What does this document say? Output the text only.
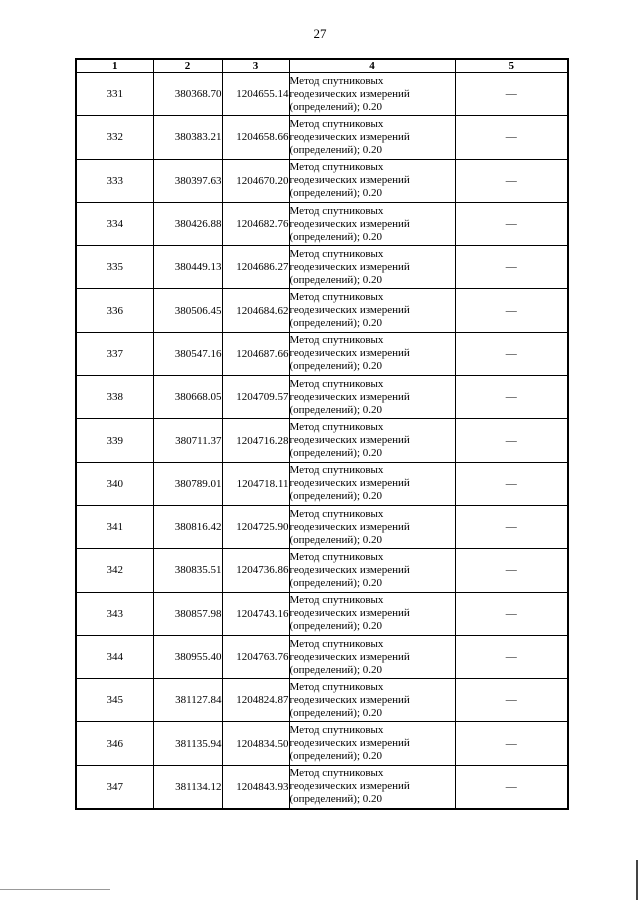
27
1	2	3	4	5
331	380368.70	1204655.14	Метод спутниковых
геодезических измерений
(определений); 0.20	—
332	380383.21	1204658.66	Метод спутниковых
геодезических измерений
(определений); 0.20	—
333	380397.63	1204670.20	Метод спутниковых
геодезических измерений
(определений); 0.20	—
334	380426.88	1204682.76	Метод спутниковых
геодезических измерений
(определений); 0.20	—
335	380449.13	1204686.27	Метод спутниковых
геодезических измерений
(определений); 0.20	—
336	380506.45	1204684.62	Метод спутниковых
геодезических измерений
(определений); 0.20	—
337	380547.16	1204687.66	Метод спутниковых
геодезических измерений
(определений); 0.20	—
338	380668.05	1204709.57	Метод спутниковых
геодезических измерений
(определений); 0.20	—
339	380711.37	1204716.28	Метод спутниковых
геодезических измерений
(определений); 0.20	—
340	380789.01	1204718.11	Метод спутниковых
геодезических измерений
(определений); 0.20	—
341	380816.42	1204725.90	Метод спутниковых
геодезических измерений
(определений); 0.20	—
342	380835.51	1204736.86	Метод спутниковых
геодезических измерений
(определений); 0.20	—
343	380857.98	1204743.16	Метод спутниковых
геодезических измерений
(определений); 0.20	—
344	380955.40	1204763.76	Метод спутниковых
геодезических измерений
(определений); 0.20	—
345	381127.84	1204824.87	Метод спутниковых
геодезических измерений
(определений); 0.20	—
346	381135.94	1204834.50	Метод спутниковых
геодезических измерений
(определений); 0.20	—
347	381134.12	1204843.93	Метод спутниковых
геодезических измерений
(определений); 0.20	—
